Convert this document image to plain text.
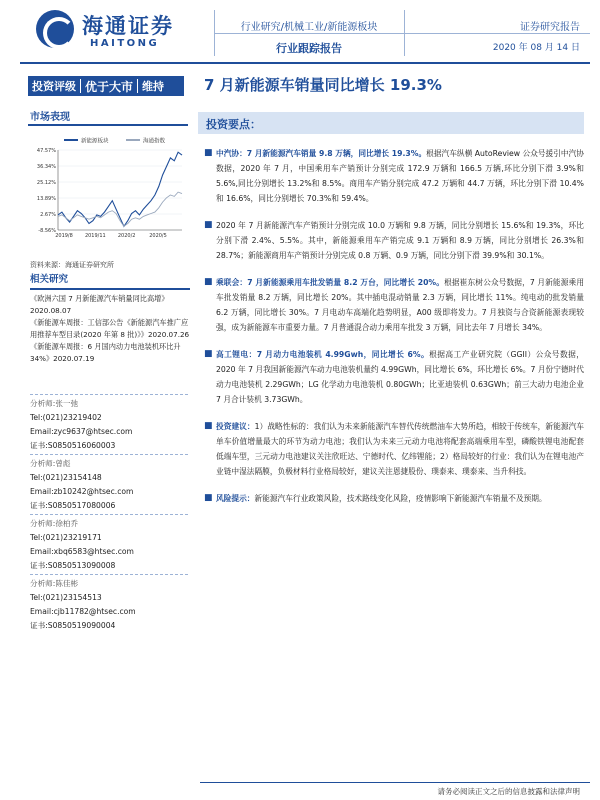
海通证券
HAITONG
行业研究/机械工业/新能源板块
行业跟踪报告
证券研究报告
2020 年 08 月 14 日
投资评级 优于大市 维持	7 月新能源车销量同比增长 19.3%
市场表现
新能源板块	海通指数
47.57%
36.34%
25.12%
13.89%
2.67%
-8.56%
2019/8 2019/11 2020/2	2020/5
资料来源：海通证券研究所
相关研究
《欧洲六国 7 月新能源汽车销量同比高增》2020.08.07
《新能源车周报：工信部公告《新能源汽车推广应用推荐车型目录(2020 年第 8 批)》》2020.07.26
《新能源车周报：6 月国内动力电池装机环比升 34%》2020.07.19
分析师:张一弛
Tel:(021)23219402
Email:zyc9637@htsec.com
证书:S0850516060003
分析师:曾彪
Tel:(021)23154148
Email:zb10242@htsec.com
证书:S0850517080006
分析师:徐柏乔
Tel:(021)23219171
Email:xbq6583@htsec.com
证书:S0850513090008
分析师:陈佳彬
Tel:(021)23154513
Email:cjb11782@htsec.com
证书:S0850519090004
投资要点：
■ 中汽协：7 月新能源汽车销量 9.8 万辆，同比增长 19.3%。根据汽车纵横 AutoReview 公众号援引中汽协数据，2020 年 7 月，中国乘用车产销预计分别完成 172.9 万辆和 166.5 万辆,环比分别下滑 3.9%和 5.6%,同比分别增长 13.2%和 8.5%。商用车产销分别完成 47.2 万辆和 44.7 万辆，环比分别下滑 10.4%和 16.6%，同比分别增长 70.3%和 59.4%。
■ 2020 年 7 月新能源汽车产销预计分别完成 10.0 万辆和 9.8 万辆，同比分别增长 15.6%和 19.3%，环比分别下滑 2.4%、5.5%。其中，新能源乘用车产销完成 9.1 万辆和 8.9 万辆，同比分别增长 26.3%和 28.7%；新能源商用车产销预计分别完成 0.8 万辆、0.9 万辆，同比分别下滑 39.9%和 30.1%。
■ 乘联会：7 月新能源乘用车批发销量 8.2 万台，同比增长 20%。根据崔东树公众号数据，7 月新能源乘用车批发销量 8.2 万辆，同比增长 20%。其中插电混动销量 2.3 万辆，同比增长 11%。纯电动的批发销量 6.2 万辆，同比增长 30%。7 月电动车高端化趋势明显，A00 级即将发力。7 月独资与合资新能源表现较强，成为新能源车市重要力量。7 月普通混合动力乘用车批发 3 万辆，同比去年 7 月增长 34%。
■ 高工锂电：7 月动力电池装机 4.99Gwh，同比增长 6%。根据高工产业研究院（GGII）公众号数据，2020 年 7 月我国新能源汽车动力电池装机量约 4.99GWh，同比增长 6%，环比增长 6%。7 月份宁德时代动力电池装机 2.29GWh；LG 化学动力电池装机 0.80GWh；比亚迪装机 0.63GWh；前三大动力电池企业 7 月合计装机 3.73GWh。
■ 投资建议：1）战略性标的：我们认为未来新能源汽车替代传统燃油车大势所趋，相较于传统车，新能源汽车单车价值增量最大的环节为动力电池；我们认为未来三元动力电池将配套高端乘用车型，磷酸铁锂电池配套低端车型，三元动力电池建议关注欣旺达、宁德时代、亿纬锂能；2）格局较好的行业：我们认为在锂电池产业链中湿法隔膜，负极材料行业格局较好，建议关注恩捷股份、璞泰来、璞泰来、当升科技。
■ 风险提示：新能源汽车行业政策风险，技术路线变化风险，疫情影响下新能源汽车销量不及预期。
请务必阅读正文之后的信息披露和法律声明
